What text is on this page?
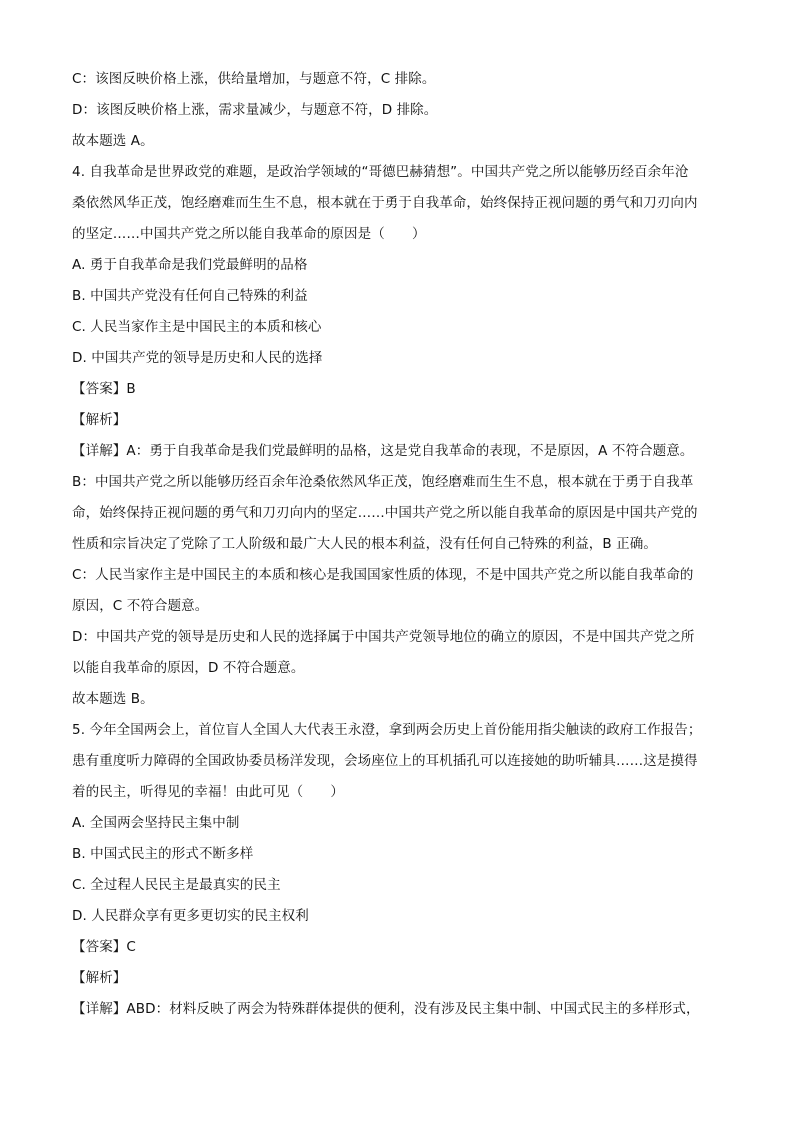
C：该图反映价格上涨，供给量增加，与题意不符，C 排除。
D：该图反映价格上涨，需求量减少，与题意不符，D 排除。
故本题选 A。
4. 自我革命是世界政党的难题，是政治学领域的“哥德巴赫猜想”。中国共产党之所以能够历经百余年沧
桑依然风华正茂，饱经磨难而生生不息，根本就在于勇于自我革命，始终保持正视问题的勇气和刀刃向内
的坚定……中国共产党之所以能自我革命的原因是（　　）
A. 勇于自我革命是我们党最鲜明的品格
B. 中国共产党没有任何自己特殊的利益
C. 人民当家作主是中国民主的本质和核心
D. 中国共产党的领导是历史和人民的选择
【答案】B
【解析】
【详解】A：勇于自我革命是我们党最鲜明的品格，这是党自我革命的表现，不是原因，A 不符合题意。
B：中国共产党之所以能够历经百余年沧桑依然风华正茂，饱经磨难而生生不息，根本就在于勇于自我革
命，始终保持正视问题的勇气和刀刃向内的坚定……中国共产党之所以能自我革命的原因是中国共产党的
性质和宗旨决定了党除了工人阶级和最广大人民的根本利益，没有任何自己特殊的利益，B 正确。
C：人民当家作主是中国民主的本质和核心是我国国家性质的体现，不是中国共产党之所以能自我革命的
原因，C 不符合题意。
D：中国共产党的领导是历史和人民的选择属于中国共产党领导地位的确立的原因，不是中国共产党之所
以能自我革命的原因，D 不符合题意。
故本题选 B。
5. 今年全国两会上，首位盲人全国人大代表王永澄，拿到两会历史上首份能用指尖触读的政府工作报告；
患有重度听力障碍的全国政协委员杨洋发现，会场座位上的耳机插孔可以连接她的助听辅具……这是摸得
着的民主，听得见的幸福！由此可见（　　）
A. 全国两会坚持民主集中制
B. 中国式民主的形式不断多样
C. 全过程人民民主是最真实的民主
D. 人民群众享有更多更切实的民主权利
【答案】C
【解析】
【详解】ABD：材料反映了两会为特殊群体提供的便利，没有涉及民主集中制、中国式民主的多样形式，
